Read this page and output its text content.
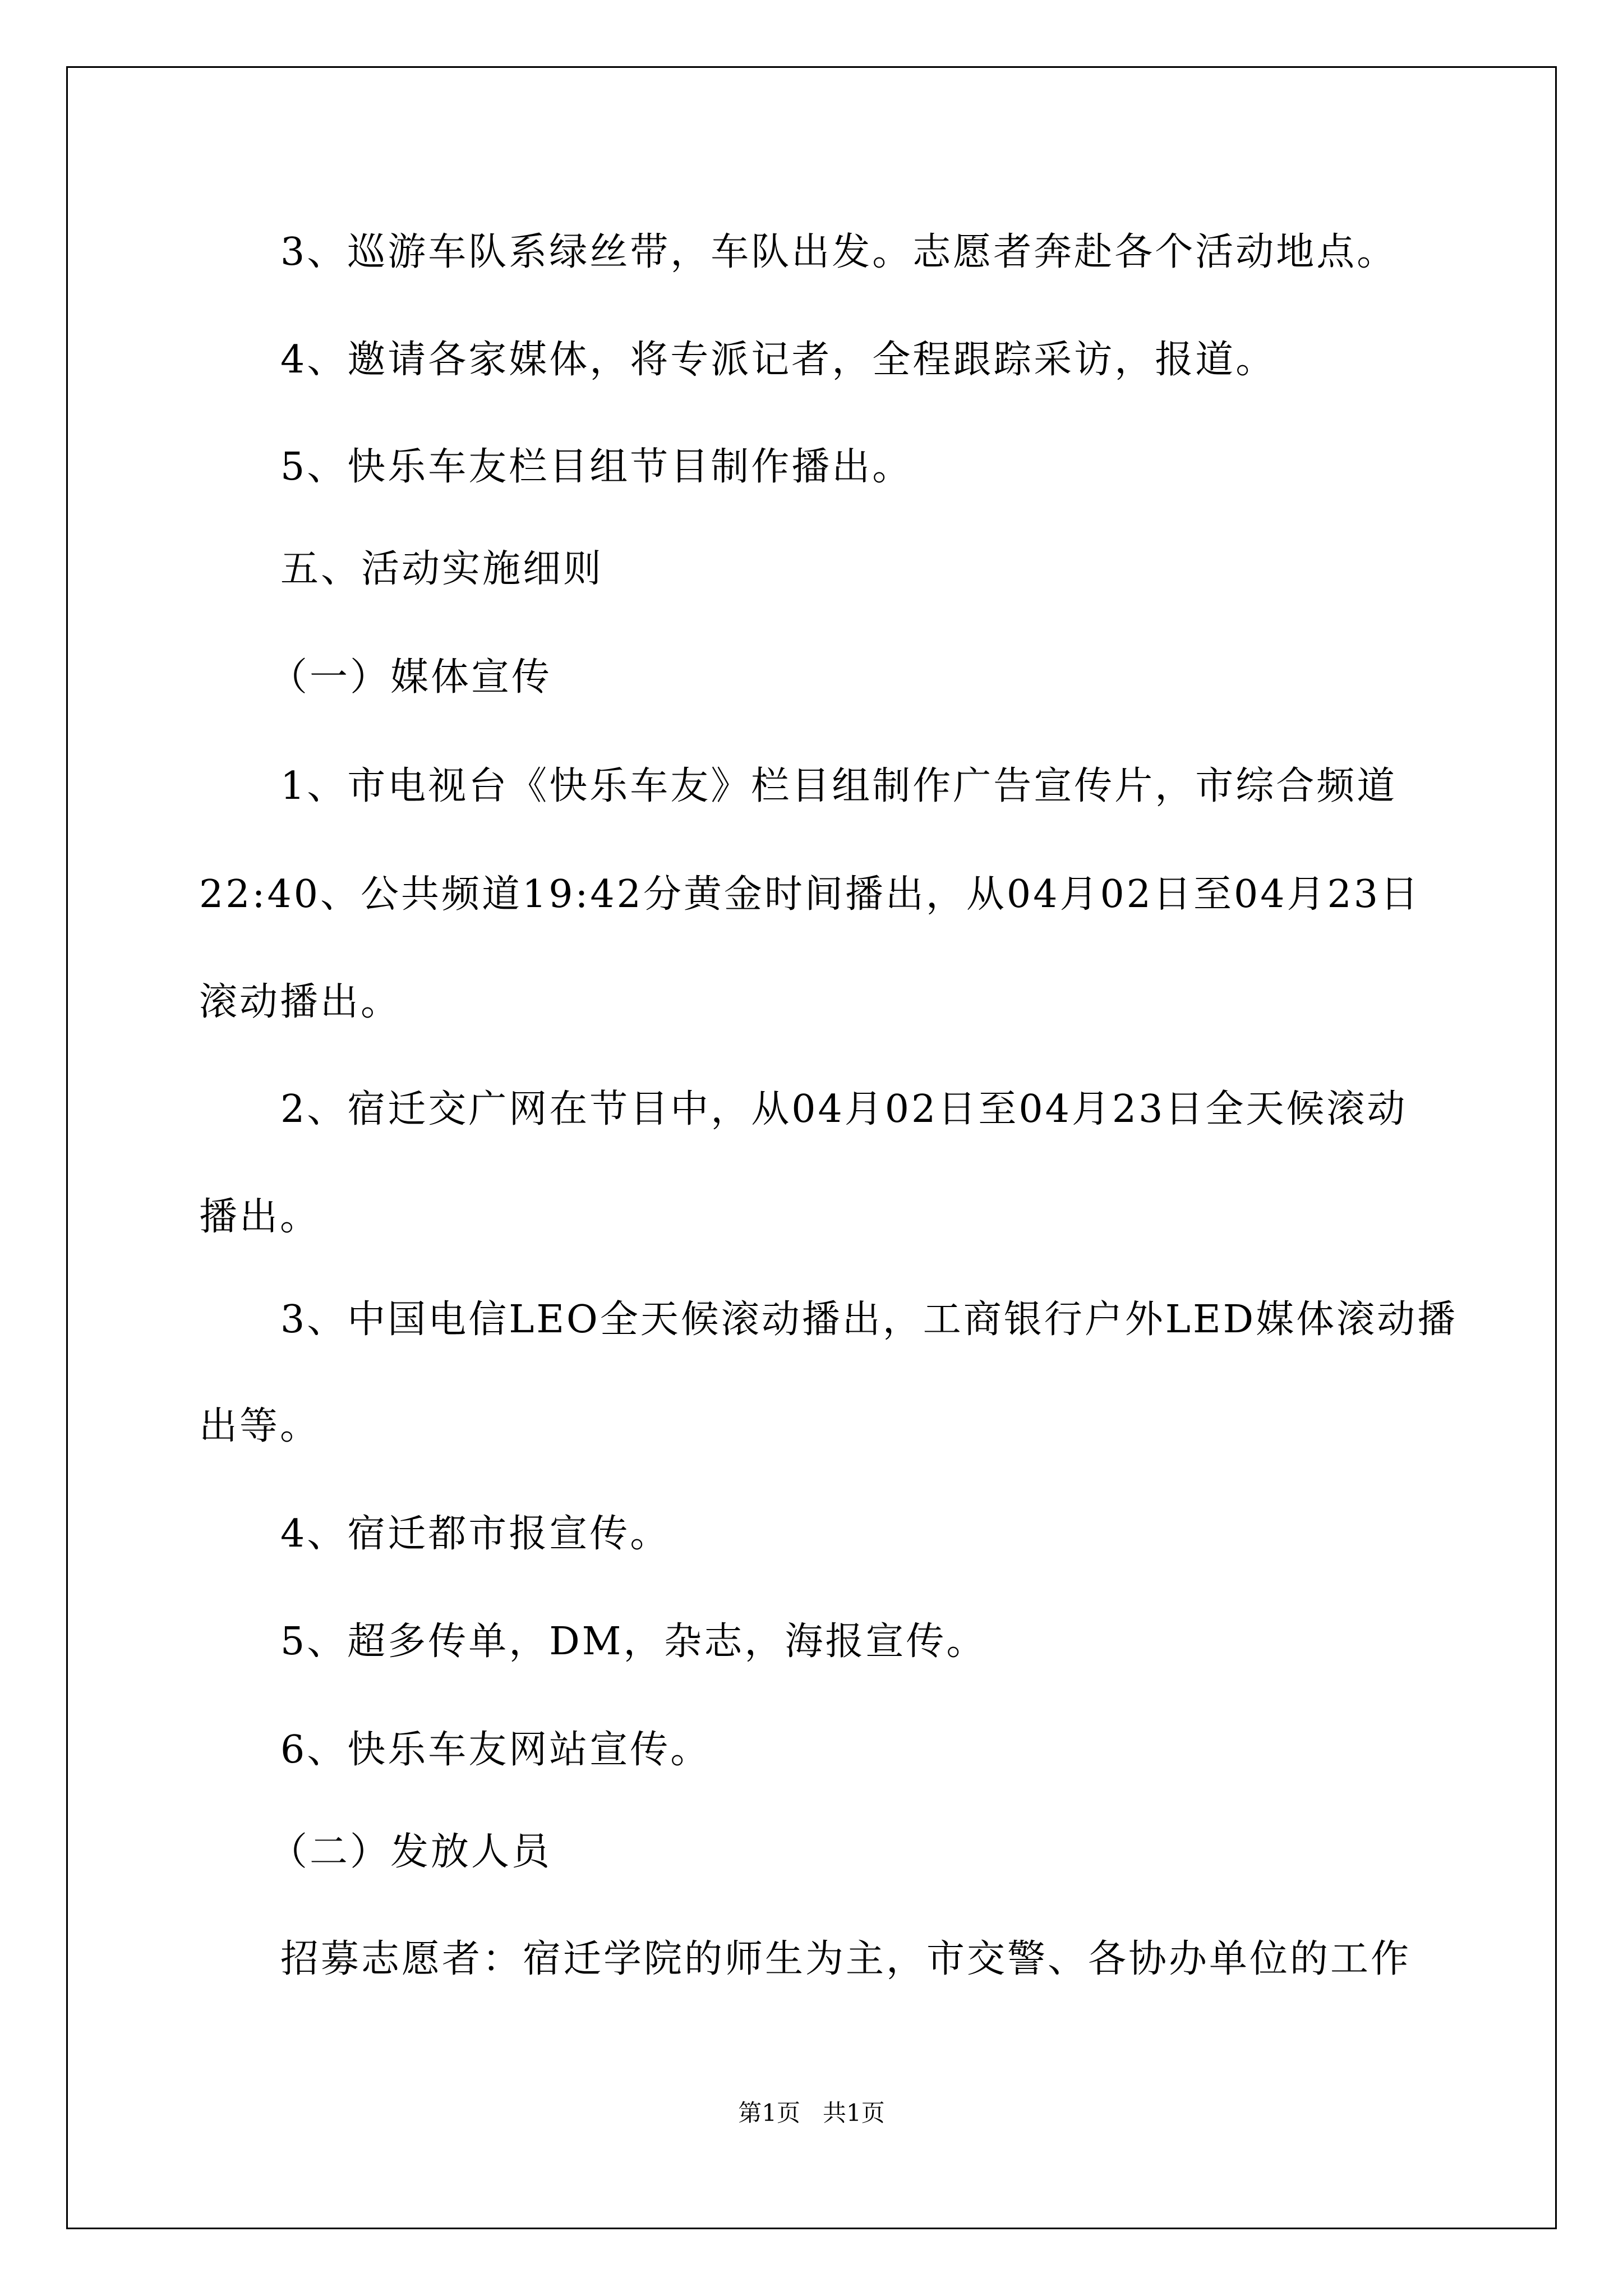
3、巡游车队系绿丝带，车队出发。志愿者奔赴各个活动地点。
4、邀请各家媒体，将专派记者，全程跟踪采访，报道。
5、快乐车友栏目组节目制作播出。
五、活动实施细则
（一）媒体宣传
1、市电视台《快乐车友》栏目组制作广告宣传片，市综合频道
22:40、公共频道19:42分黄金时间播出，从04月02日至04月23日
滚动播出。
2、宿迁交广网在节目中，从04月02日至04月23日全天候滚动
播出。
3、中国电信LEO全天候滚动播出，工商银行户外LED媒体滚动播
出等。
4、宿迁都市报宣传。
5、超多传单，DM，杂志，海报宣传。
6、快乐车友网站宣传。
（二）发放人员
招募志愿者：宿迁学院的师生为主，市交警、各协办单位的工作
第1页   共1页
